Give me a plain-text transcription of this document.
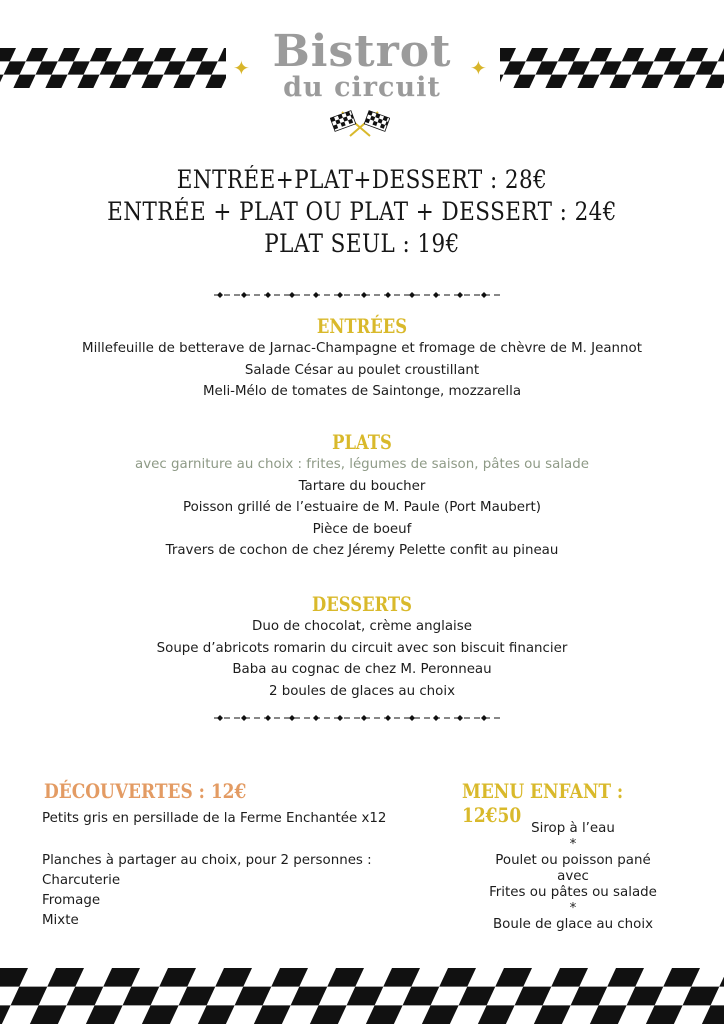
✦	✦
Bistrot
du circuit
ENTRÉE+PLAT+DESSERT : 28€
ENTRÉE + PLAT OU PLAT + DESSERT : 24€
PLAT SEUL : 19€
ENTRÉES
Millefeuille de betterave de Jarnac-Champagne et fromage de chèvre de M. Jeannot
Salade César au poulet croustillant
Meli-Mélo de tomates de Saintonge, mozzarella
PLATS
avec garniture au choix : frites, légumes de saison, pâtes ou salade
Tartare du boucher
Poisson grillé de l’estuaire de M. Paule (Port Maubert)
Pièce de boeuf
Travers de cochon de chez Jéremy Pelette confit au pineau
DESSERTS
Duo de chocolat, crème anglaise
Soupe d’abricots romarin du circuit avec son biscuit financier
Baba au cognac de chez M. Peronneau
2 boules de glaces au choix
DÉCOUVERTES : 12€
Petits gris en persillade de la Ferme Enchantée x12
Planches à partager au choix, pour 2 personnes :
Charcuterie
Fromage
Mixte
MENU ENFANT : 12€50
Sirop à l’eau
*
Poulet ou poisson pané
avec
Frites ou pâtes ou salade
*
Boule de glace au choix
